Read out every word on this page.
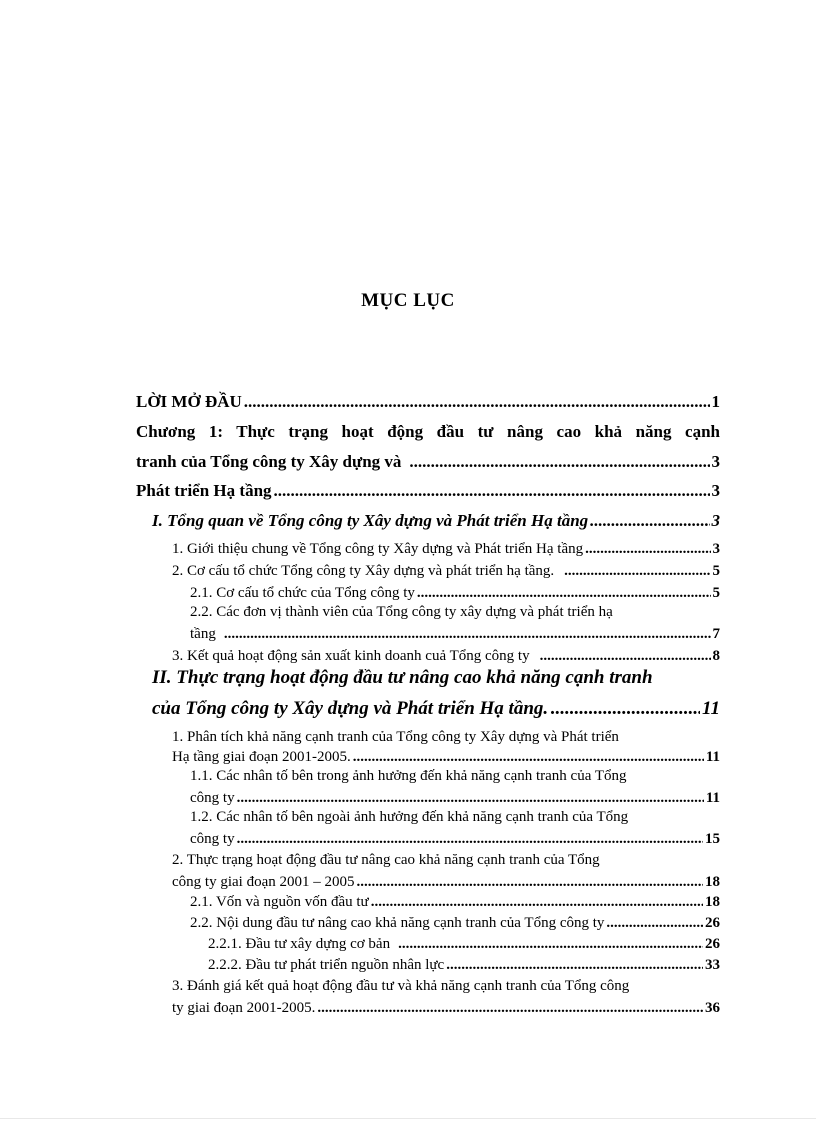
MỤC LỤC
LỜI MỞ ĐẦU .....	1
Chương 1: Thực trạng hoạt động đầu tư nâng cao khả năng cạnh
tranh của Tổng công ty Xây dựng và .....	3
Phát triển Hạ tầng .....	3
I. Tổng quan về Tổng công ty Xây dựng và Phát triển Hạ tầng .....	3
1. Giới thiệu chung về Tổng công ty Xây dựng và Phát triển Hạ tầng .....	3
2. Cơ cấu tổ chức Tổng công ty Xây dựng và phát triển hạ tầng. .....	5
2.1. Cơ cấu tổ chức của Tổng công ty .....	5
2.2. Các đơn vị thành viên của Tổng công ty xây dựng và phát triển hạ
tầng .....	7
3. Kết quả hoạt động sản xuất kinh doanh cuả Tổng công ty .....	8
II. Thực trạng hoạt động đầu tư nâng cao khả năng cạnh tranh
của Tổng công ty Xây dựng và Phát triển Hạ tầng. .....	11
1. Phân tích khả năng cạnh tranh của Tổng công ty Xây dựng và Phát triển
Hạ tầng giai đoạn 2001-2005. .....	11
1.1. Các nhân tố bên trong ảnh hưởng đến khả năng cạnh tranh của Tổng
công ty .....	11
1.2. Các nhân tố bên ngoài ảnh hưởng đến khả năng cạnh tranh của Tổng
công ty .....	15
2. Thực trạng hoạt động đầu tư nâng cao khả năng cạnh tranh của Tổng
công ty giai đoạn 2001 – 2005 .....	18
2.1. Vốn và nguồn vốn đầu tư .....	18
2.2. Nội dung đầu tư nâng cao khả năng cạnh tranh của Tổng công ty .....	26
2.2.1. Đầu tư xây dựng cơ bản .....	26
2.2.2. Đầu tư phát triển nguồn nhân lực .....	33
3. Đánh giá kết quả hoạt động đầu tư và khả năng cạnh tranh của Tổng công
ty giai đoạn 2001-2005. .....	36
